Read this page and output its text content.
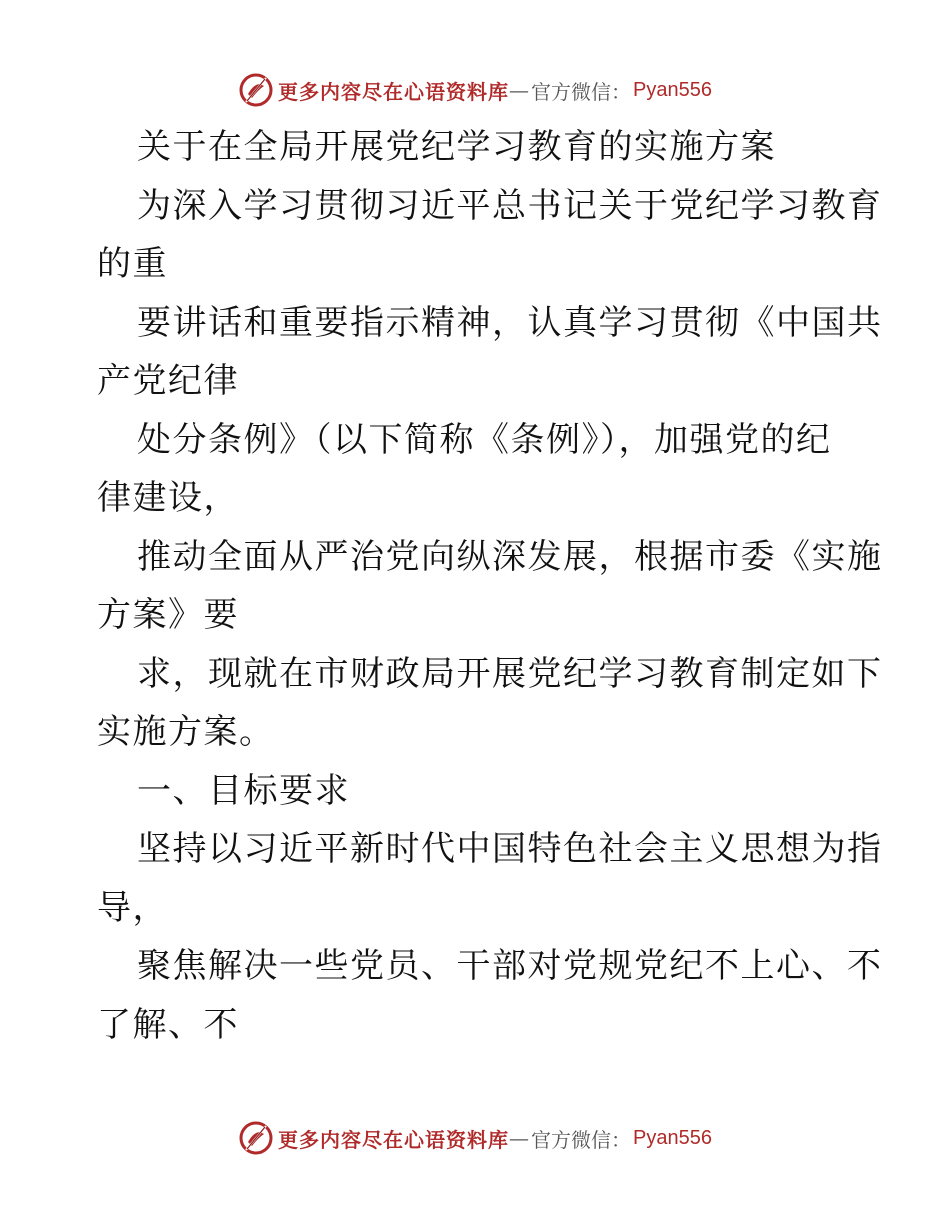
更多内容尽在心语资料库 — 官方微信： Pyan556
关于在全局开展党纪学习教育的实施方案
为深入学习贯彻习近平总书记关于党纪学习教育
的重
要讲话和重要指示精神，认真学习贯彻《中国共
产党纪律
处分条例》（以下简称《条例》），加强党的纪
律建设，
推动全面从严治党向纵深发展，根据市委《实施
方案》要
求，现就在市财政局开展党纪学习教育制定如下
实施方案。
一、目标要求
坚持以习近平新时代中国特色社会主义思想为指
导，
聚焦解决一些党员、干部对党规党纪不上心、不
了解、不
更多内容尽在心语资料库 — 官方微信： Pyan556
